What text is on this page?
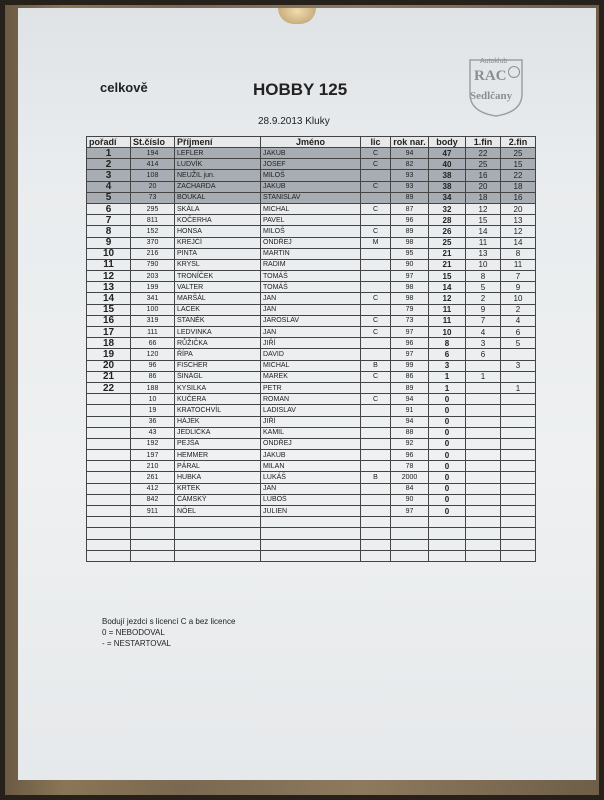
celkově	HOBBY 125
28.9.2013 Kluky
Autoklub
RAC
Sedlčany
pořadí	St.číslo	Příjmení	Jméno	lic	rok nar.	body	1.fin	2.fin
1	194	LEFLER	JAKUB	C	94	47	22	25
2	414	LUDVÍK	JOSEF	C	82	40	25	15
3	108	NEUŽIL jun.	MILOŠ		93	38	16	22
4	20	ZACHARDA	JAKUB	C	93	38	20	18
5	73	BOUKAL	STANISLAV		89	34	18	16
6	295	SKÁLA	MICHAL	C	87	32	12	20
7	811	KOČERHA	PAVEL		96	28	15	13
8	152	HONSA	MILOŠ	C	89	26	14	12
9	370	KREJČÍ	ONDŘEJ	M	98	25	11	14
10	216	PINTA	MARTIN		95	21	13	8
11	790	KRYSL	RADIM		90	21	10	11
12	203	TRONÍČEK	TOMÁŠ		97	15	8	7
13	199	VALTER	TOMÁŠ		98	14	5	9
14	341	MARŠÁL	JAN	C	98	12	2	10
15	100	LACEK	JAN		79	11	9	2
16	319	STANĚK	JAROSLAV	C	73	11	7	4
17	111	LEDVINKA	JAN	C	97	10	4	6
18	66	RŮŽIČKA	JIŘÍ		96	8	3	5
19	120	ŘÍPA	DAVID		97	6	6	
20	96	FISCHER	MICHAL	B	99	3		3
21	86	ŠINÁGL	MAREK	C	86	1	1	
22	188	KYSILKA	PETR		89	1		1
	10	KUČERA	ROMAN	C	94	0		
	19	KRATOCHVÍL	LADISLAV		91	0		
	36	HÁJEK	JIŘÍ		94	0		
	43	JEDLIČKA	KAMIL		88	0		
	192	PEJŠA	ONDŘEJ		92	0		
	197	HEMMER	JAKUB		96	0		
	210	PÁRAL	MILAN		78	0		
	261	HUBKA	LUKÁŠ	B	2000	0		
	412	KRTEK	JAN		84	0		
	842	ČÁMSKÝ	LUBOŠ		90	0		
	911	NÖEL	JULIEN		97	0		

Bodují jezdci s licencí C a bez licence
0 = NEBODOVAL
- = NESTARTOVAL
www.enduro.horazdovice.cz
